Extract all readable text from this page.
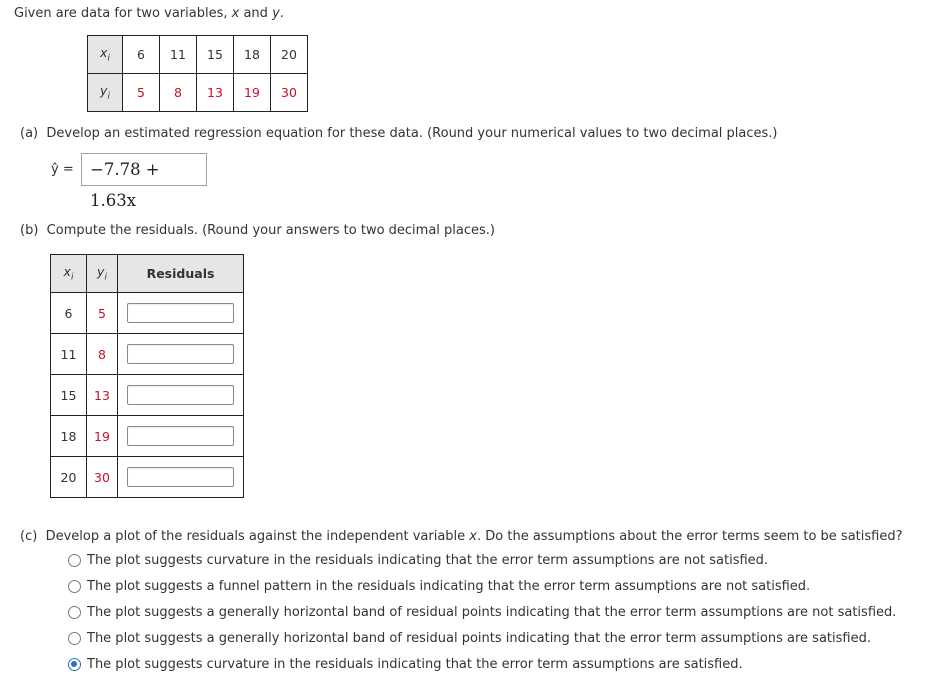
Given are data for two variables, x and y.
$x_i$	6	11	15	18	20
$y_i$	5	8	13	19	30
(a) Develop an estimated regression equation for these data. (Round your numerical values to two decimal places.)
ŷ = −7.78 + 1.63x
(b) Compute the residuals. (Round your answers to two decimal places.)
$x_i$	$y_i$	Residuals
6	5	

11	8	

15	13	

18	19	

20	30	
(c) Develop a plot of the residuals against the independent variable x. Do the assumptions about the error terms seem to be satisfied?
The plot suggests curvature in the residuals indicating that the error term assumptions are not satisfied.
The plot suggests a funnel pattern in the residuals indicating that the error term assumptions are not satisfied.
The plot suggests a generally horizontal band of residual points indicating that the error term assumptions are not satisfied.
The plot suggests a generally horizontal band of residual points indicating that the error term assumptions are satisfied.
The plot suggests curvature in the residuals indicating that the error term assumptions are satisfied.
